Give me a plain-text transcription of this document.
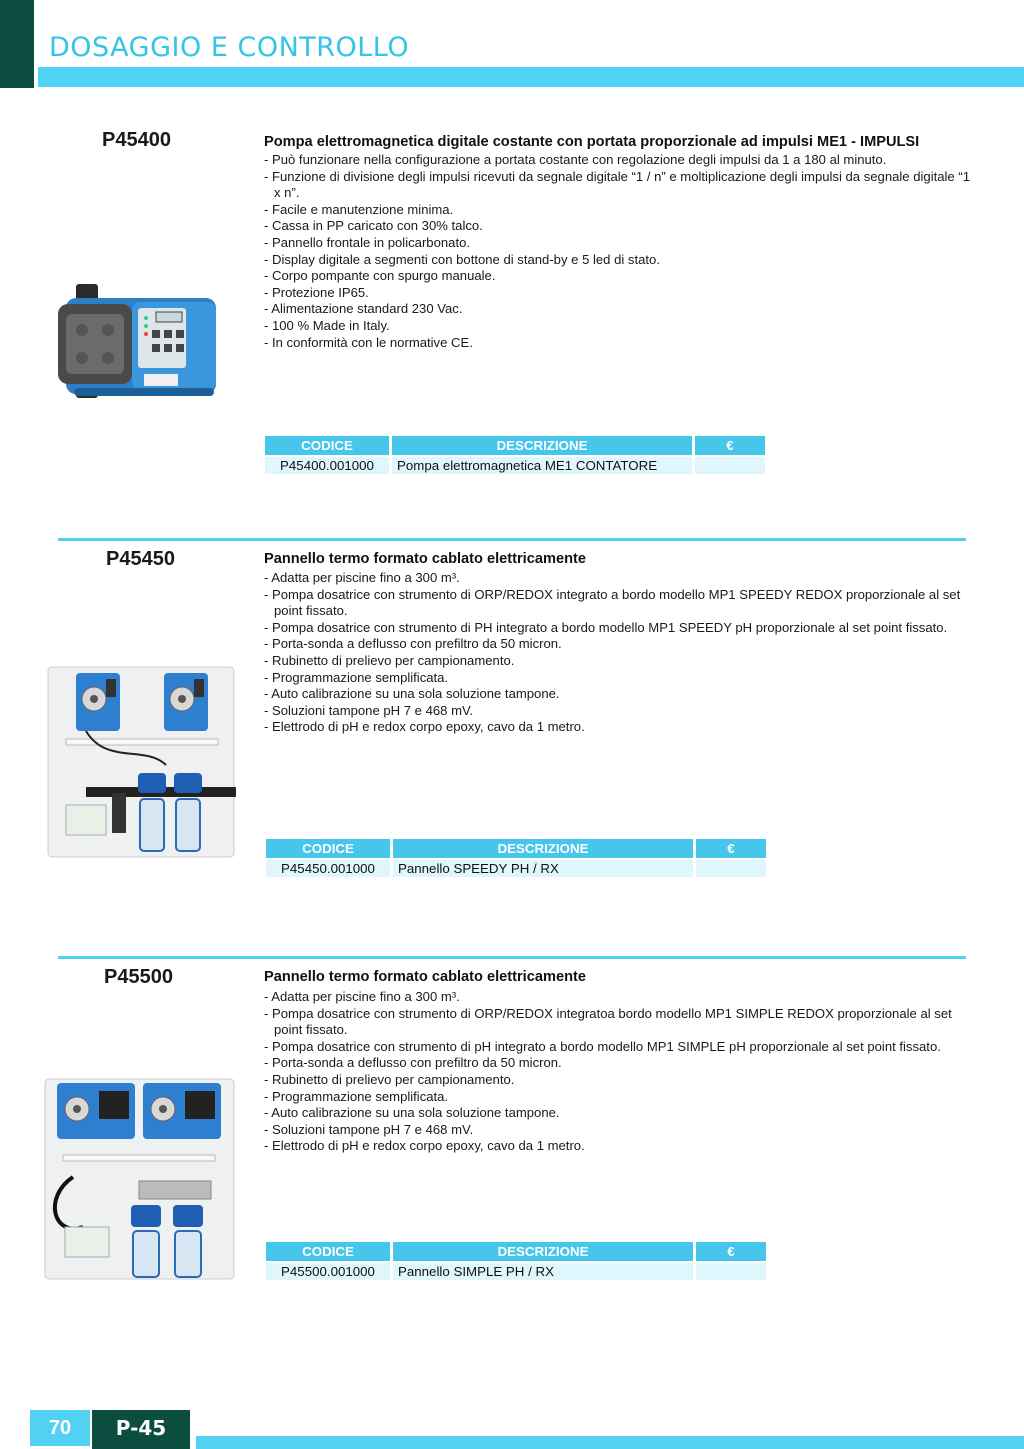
DOSAGGIO E CONTROLLO
P45400	Pompa elettromagnetica digitale costante con portata proporzionale ad impulsi ME1 - IMPULSI
- Può funzionare nella configurazione a portata costante con regolazione degli impulsi da 1 a 180 al minuto.
- Funzione di divisione degli impulsi ricevuti da segnale digitale “1 / n” e moltiplicazione degli impulsi da segnale digitale “1 x n”.
- Facile e manutenzione minima.
- Cassa in PP caricato con 30% talco.
- Pannello frontale in policarbonato.
- Display digitale a segmenti con bottone di stand-by e 5 led di stato.
- Corpo pompante con spurgo manuale.
- Protezione IP65.
- Alimentazione standard 230 Vac.
- 100 % Made in Italy.
- In conformità con le normative CE.
CODICE	DESCRIZIONE	€
P45400.001000	Pompa elettromagnetica ME1 CONTATORE	
P45450	Pannello termo formato cablato elettricamente
- Adatta per piscine fino a 300 m³.
- Pompa dosatrice con strumento di ORP/REDOX integrato a bordo modello MP1 SPEEDY REDOX proporzionale al set point fissato.
- Pompa dosatrice con strumento di PH integrato a bordo modello MP1 SPEEDY pH proporzionale al set point fissato.
- Porta-sonda a deflusso con prefiltro da 50 micron.
- Rubinetto di prelievo per campionamento.
- Programmazione semplificata.
- Auto calibrazione su una sola soluzione tampone.
- Soluzioni tampone pH 7 e 468 mV.
- Elettrodo di pH e redox corpo epoxy, cavo da 1 metro.
CODICE	DESCRIZIONE	€
P45450.001000	Pannello SPEEDY PH / RX	
P45500	Pannello termo formato cablato elettricamente
- Adatta per piscine fino a 300 m³.
- Pompa dosatrice con strumento di ORP/REDOX integratoa bordo modello MP1 SIMPLE REDOX proporzionale al set point fissato.
- Pompa dosatrice con strumento di pH integrato a bordo modello MP1 SIMPLE pH proporzionale al set point fissato.
- Porta-sonda a deflusso con prefiltro da 50 micron.
- Rubinetto di prelievo per campionamento.
- Programmazione semplificata.
- Auto calibrazione su una sola soluzione tampone.
- Soluzioni tampone pH 7 e 468 mV.
- Elettrodo di pH e redox corpo epoxy, cavo da 1 metro.
CODICE	DESCRIZIONE	€
P45500.001000	Pannello SIMPLE PH / RX	
70	P-45
